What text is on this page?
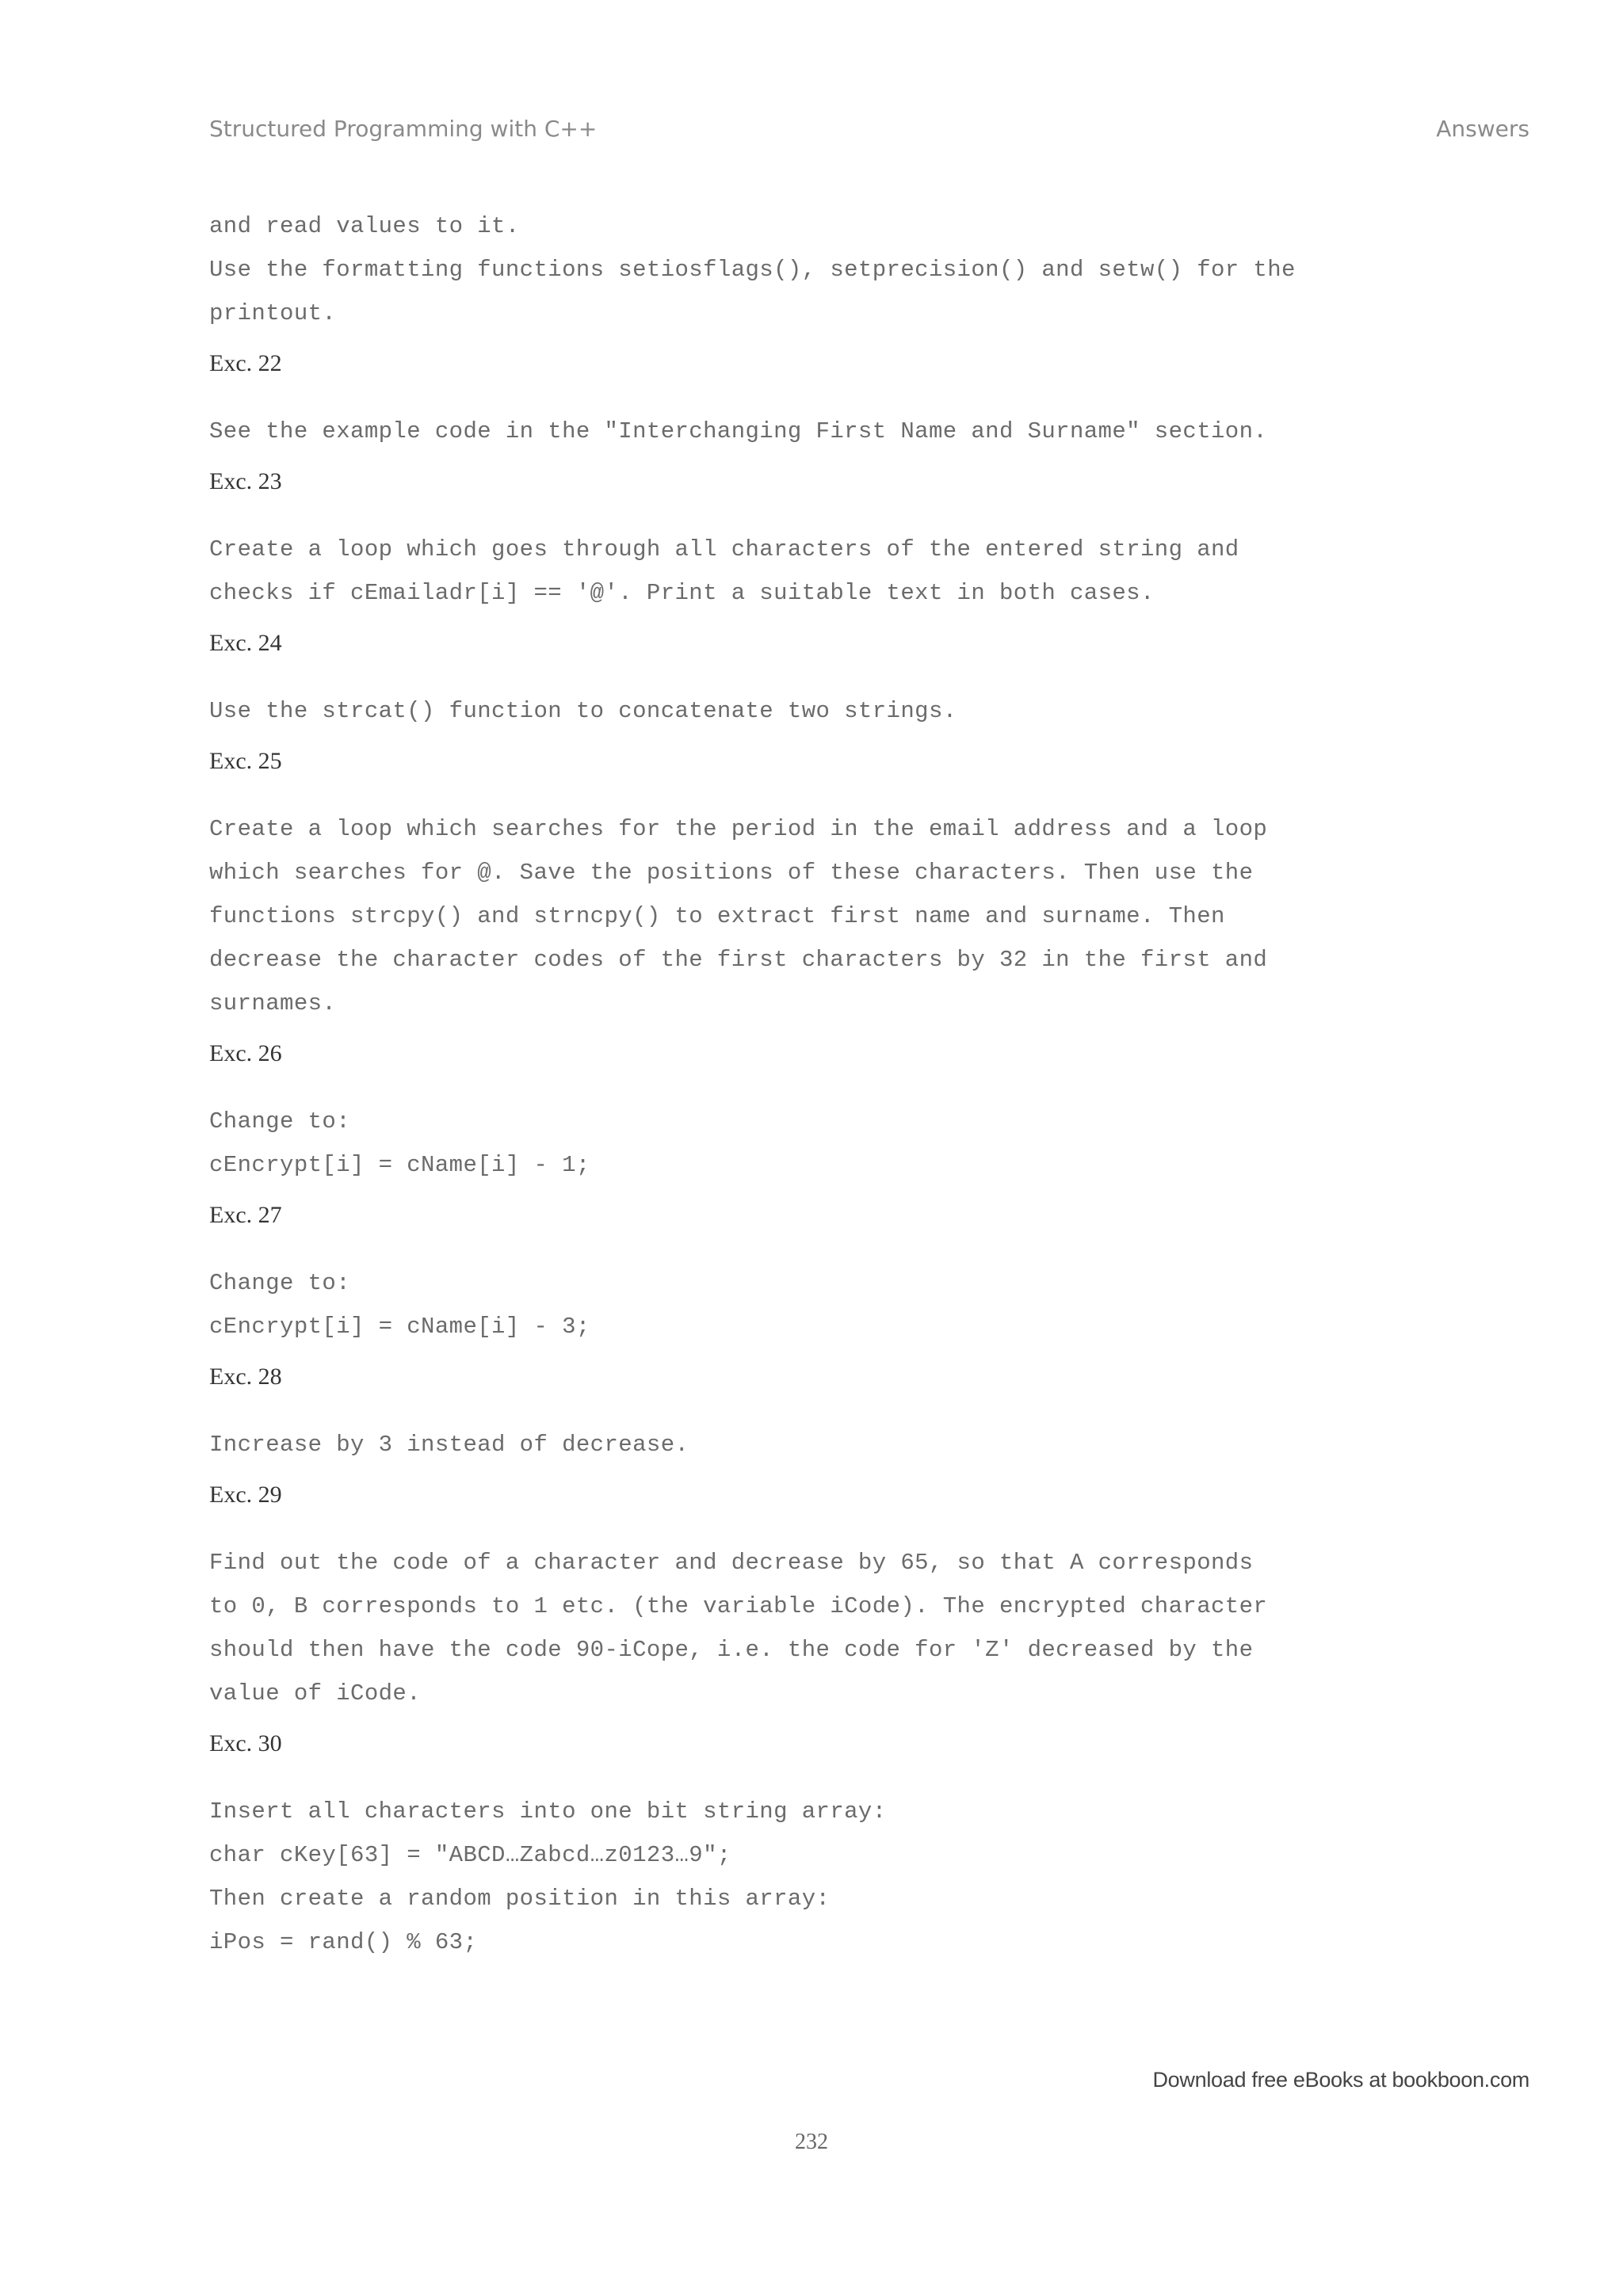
Structured Programming with C++	Answers

and read values to it.

Use the formatting functions setiosflags(), setprecision() and setw() for the

printout.

Exc. 22

See the example code in the "Interchanging First Name and Surname" section.

Exc. 23

Create a loop which goes through all characters of the entered string and

checks if cEmailadr[i] == '@'. Print a suitable text in both cases.

Exc. 24

Use the strcat() function to concatenate two strings.

Exc. 25

Create a loop which searches for the period in the email address and a loop

which searches for @. Save the positions of these characters. Then use the

functions strcpy() and strncpy() to extract first name and surname. Then

decrease the character codes of the first characters by 32 in the first and

surnames.

Exc. 26

Change to:

cEncrypt[i] = cName[i] - 1;

Exc. 27

Change to:

cEncrypt[i] = cName[i] - 3;

Exc. 28

Increase by 3 instead of decrease.

Exc. 29

Find out the code of a character and decrease by 65, so that A corresponds

to 0, B corresponds to 1 etc. (the variable iCode). The encrypted character

should then have the code 90-iCope, i.e. the code for 'Z' decreased by the

value of iCode.

Exc. 30

Insert all characters into one bit string array:

char cKey[63] = "ABCD…Zabcd…z0123…9";

Then create a random position in this array:

iPos = rand() % 63;

Download free eBooks at bookboon.com
232
